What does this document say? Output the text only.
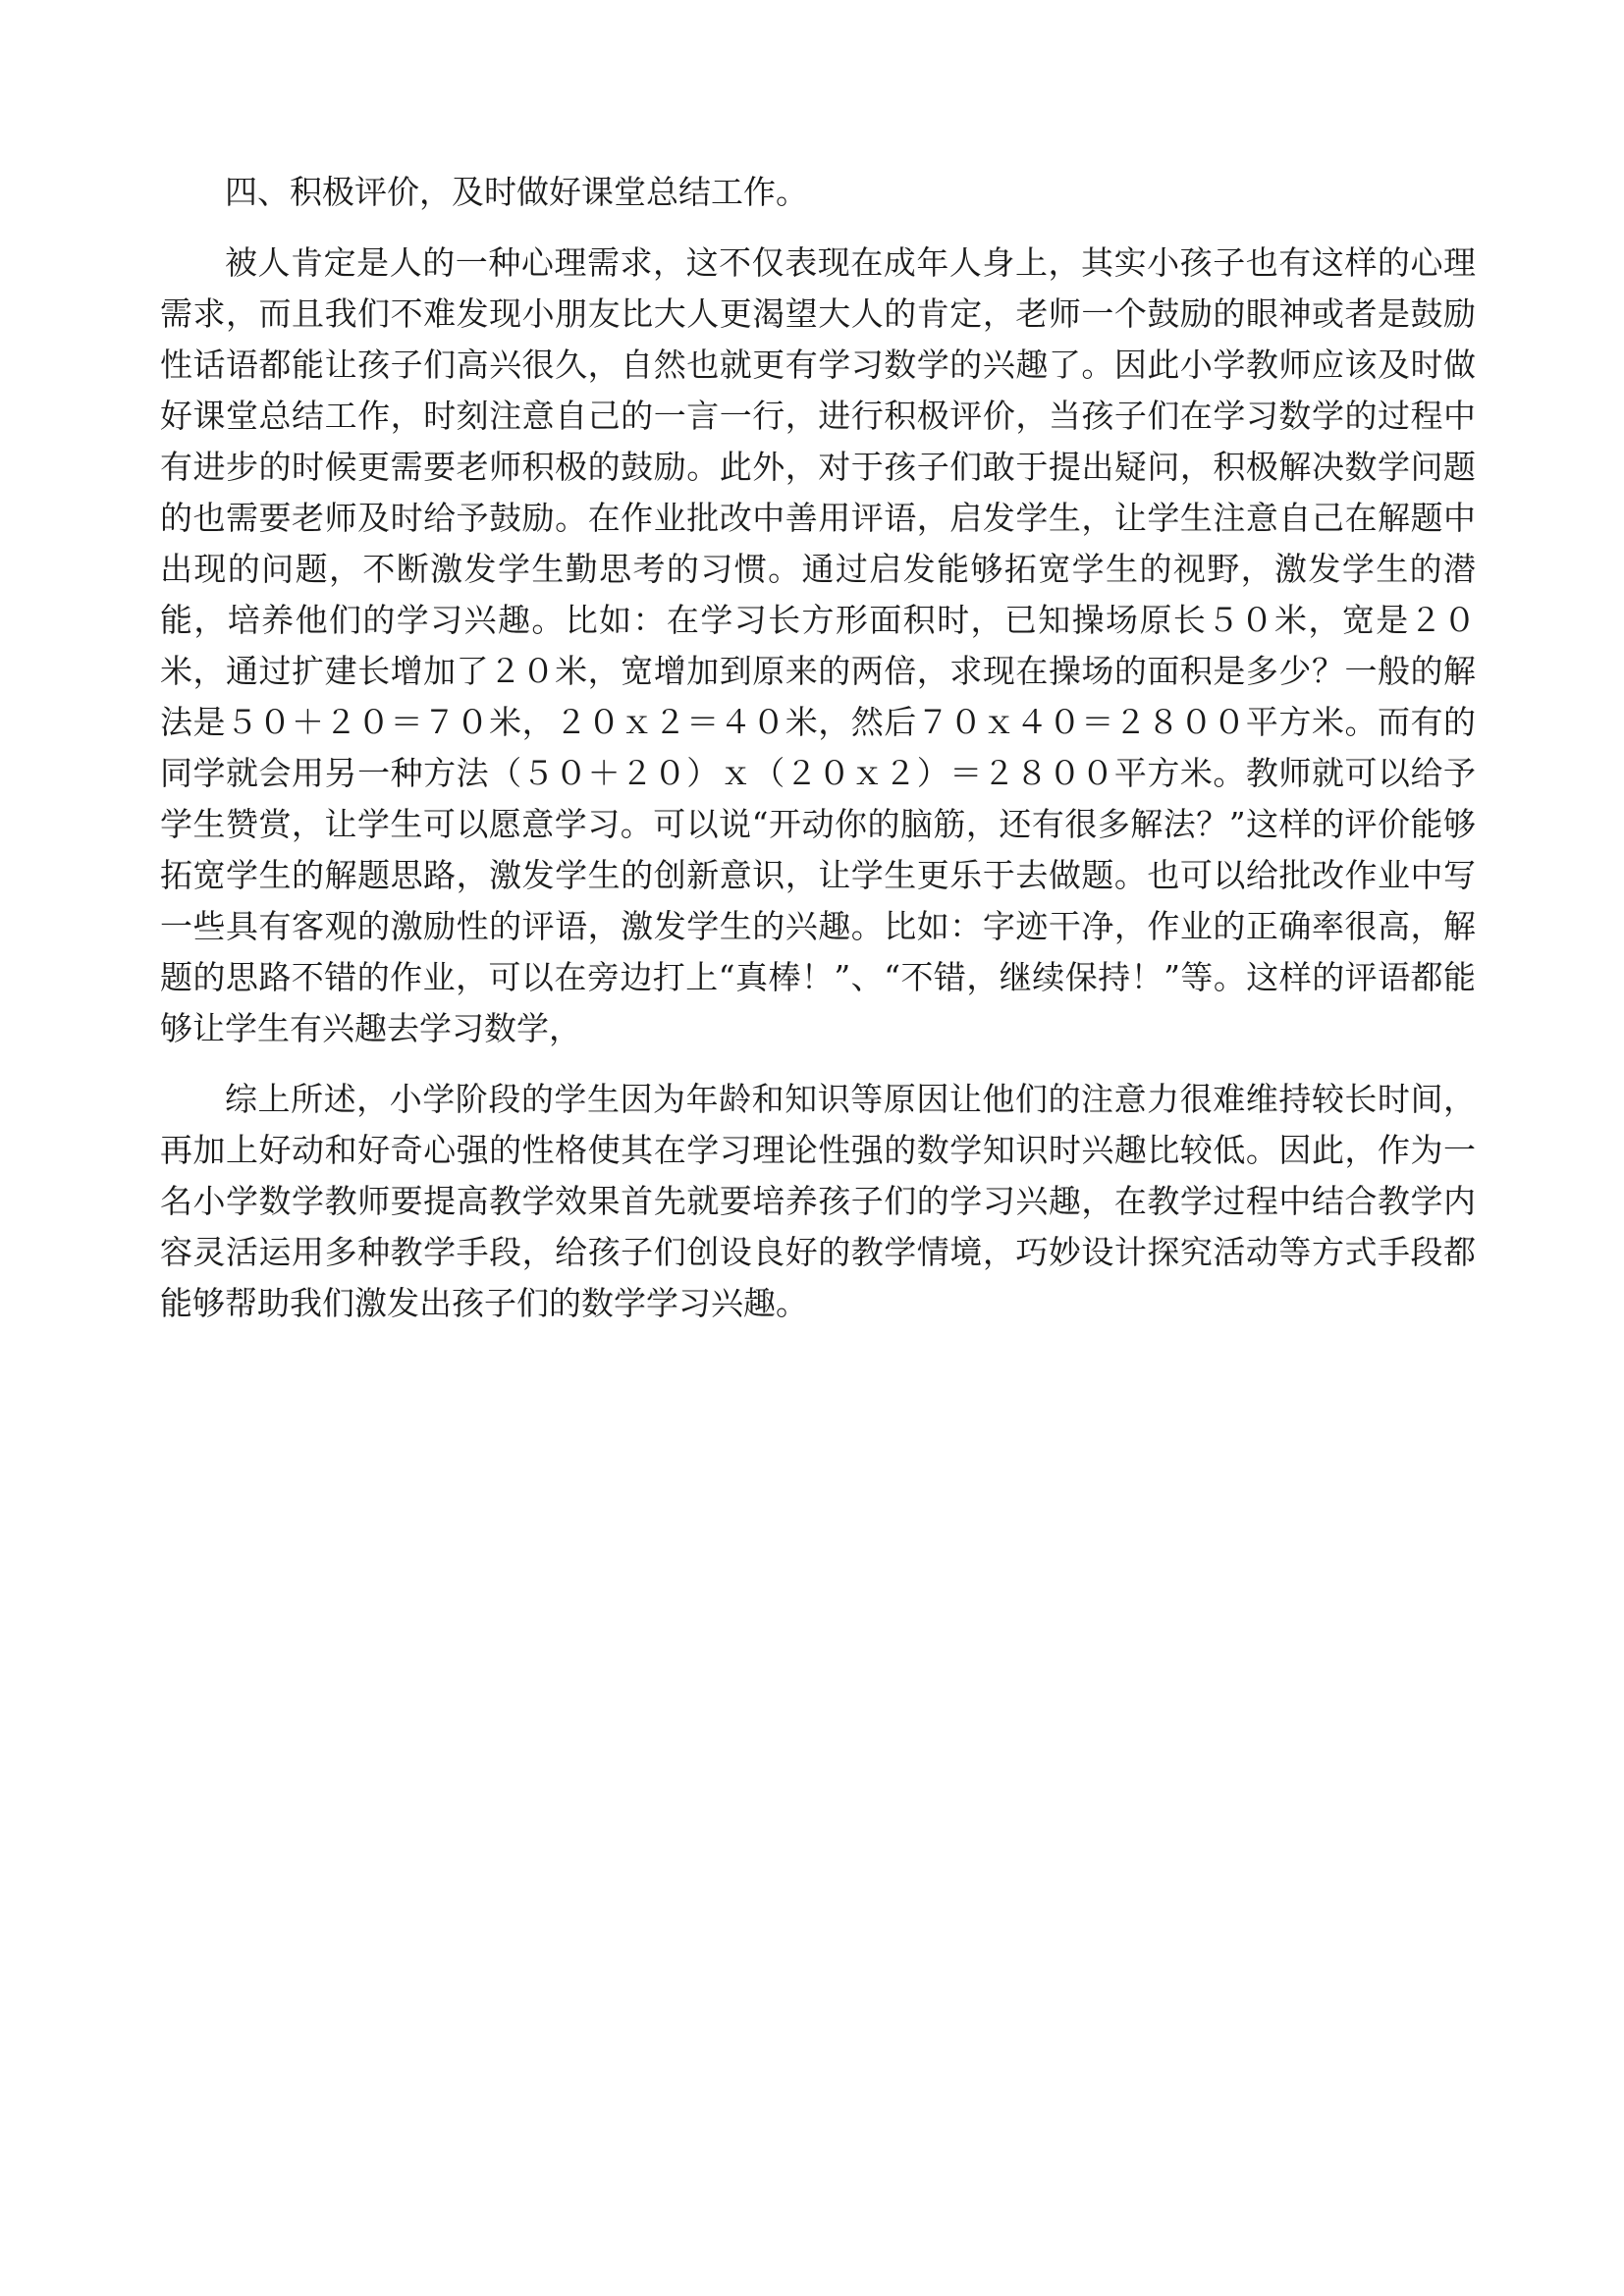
四、积极评价，及时做好课堂总结工作。

被人肯定是人的一种心理需求，这不仅表现在成年人身上，其实小孩子也有这样的心理需求，而且我们不难发现小朋友比大人更渴望大人的肯定，老师一个鼓励的眼神或者是鼓励性话语都能让孩子们高兴很久，自然也就更有学习数学的兴趣了。因此小学教师应该及时做好课堂总结工作，时刻注意自己的一言一行，进行积极评价，当孩子们在学习数学的过程中有进步的时候更需要老师积极的鼓励。此外，对于孩子们敢于提出疑问，积极解决数学问题的也需要老师及时给予鼓励。在作业批改中善用评语，启发学生，让学生注意自己在解题中出现的问题，不断激发学生勤思考的习惯。通过启发能够拓宽学生的视野，激发学生的潜能，培养他们的学习兴趣。比如：在学习长方形面积时，已知操场原长５０米，宽是２０米，通过扩建长增加了２０米，宽增加到原来的两倍，求现在操场的面积是多少？一般的解法是５０＋２０＝７０米，２０ｘ２＝４０米，然后７０ｘ４０＝２８００平方米。而有的同学就会用另一种方法（５０＋２０）ｘ（２０ｘ２）＝２８００平方米。教师就可以给予学生赞赏，让学生可以愿意学习。可以说“开动你的脑筋，还有很多解法？”这样的评价能够拓宽学生的解题思路，激发学生的创新意识，让学生更乐于去做题。也可以给批改作业中写一些具有客观的激励性的评语，激发学生的兴趣。比如：字迹干净，作业的正确率很高，解题的思路不错的作业，可以在旁边打上“真棒！”、“不错，继续保持！”等。这样的评语都能够让学生有兴趣去学习数学，

综上所述，小学阶段的学生因为年龄和知识等原因让他们的注意力很难维持较长时间，再加上好动和好奇心强的性格使其在学习理论性强的数学知识时兴趣比较低。因此，作为一名小学数学教师要提高教学效果首先就要培养孩子们的学习兴趣，在教学过程中结合教学内容灵活运用多种教学手段，给孩子们创设良好的教学情境，巧妙设计探究活动等方式手段都能够帮助我们激发出孩子们的数学学习兴趣。
